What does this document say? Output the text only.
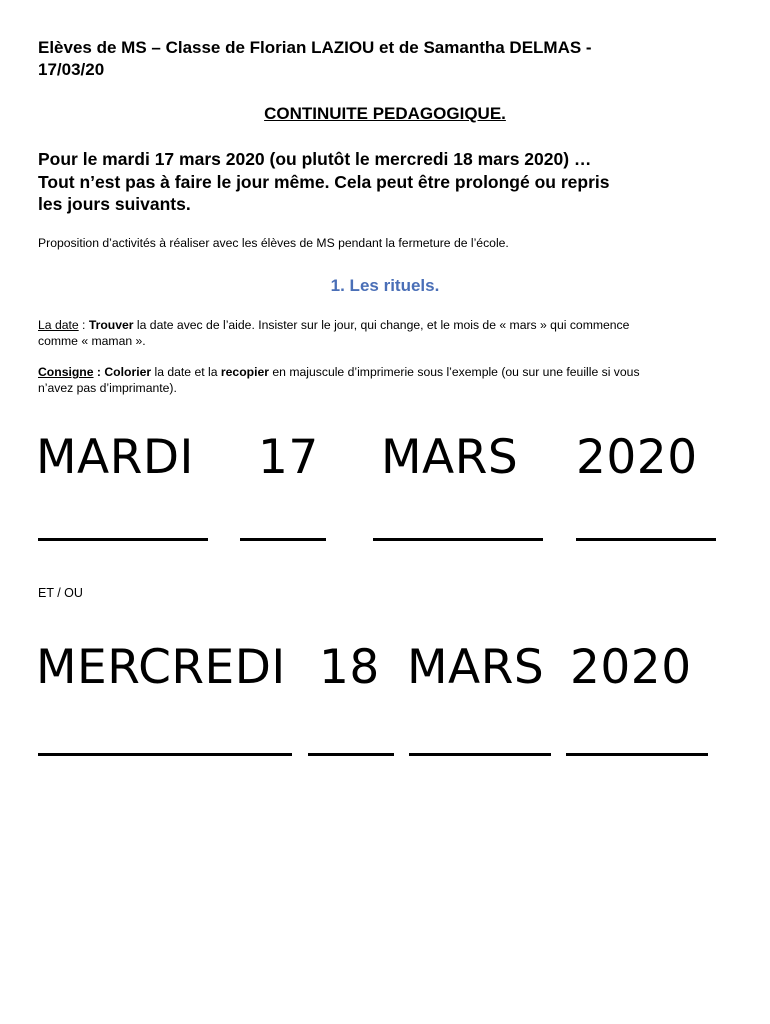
Elèves de MS – Classe de Florian LAZIOU et de Samantha DELMAS -
17/03/20
CONTINUITE PEDAGOGIQUE.
Pour le mardi 17 mars 2020 (ou plutôt le mercredi 18 mars 2020) …
Tout n’est pas à faire le jour même. Cela peut être prolongé ou repris
les jours suivants.
Proposition d’activités à réaliser avec les élèves de MS pendant la fermeture de l’école.
1. Les rituels.
La date : Trouver la date avec de l’aide. Insister sur le jour, qui change, et le mois de « mars » qui commence
comme « maman ».
Consigne : Colorier la date et la recopier en majuscule d’imprimerie sous l’exemple (ou sur une feuille si vous
n’avez pas d’imprimante).
MARDI 17 MARS 2020
ET / OU
MERCREDI 18 MARS 2020
